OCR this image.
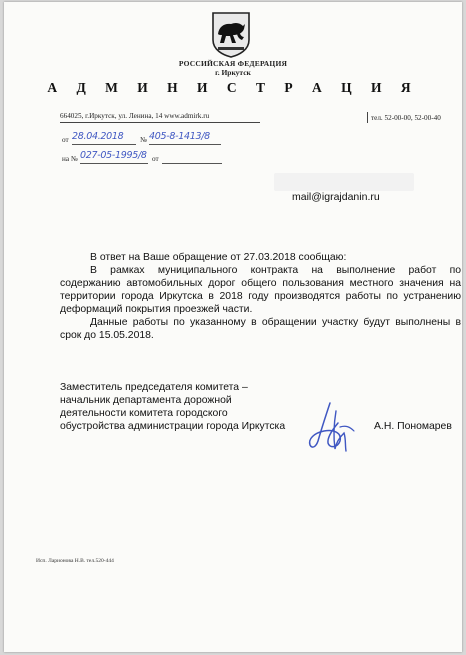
РОССИЙСКАЯ ФЕДЕРАЦИЯ
г. Иркутск
А Д М И Н И С Т Р А Ц И Я
664025, г.Иркутск, ул. Ленина, 14 www.admirk.ru	тел. 52-00-00, 52-00-40
от 28.04.2018 № 405-8-1413/8
на № 027-05-1995/8 от
mail@igrajdanin.ru
В ответ на Ваше обращение от 27.03.2018 сообщаю:
В рамках муниципального контракта на выполнение работ по
содержанию автомобильных дорог общего пользования местного значения на
территории города Иркутска в 2018 году производятся работы по устранению
деформаций покрытия проезжей части.
Данные работы по указанному в обращении участку будут выполнены в
срок до 15.05.2018.
Заместитель председателя комитета –
начальник департамента дорожной
деятельности комитета городского
обустройства администрации города Иркутска	А.Н. Пономарев
Исп. Ларионова Н.В. тел.520-444
